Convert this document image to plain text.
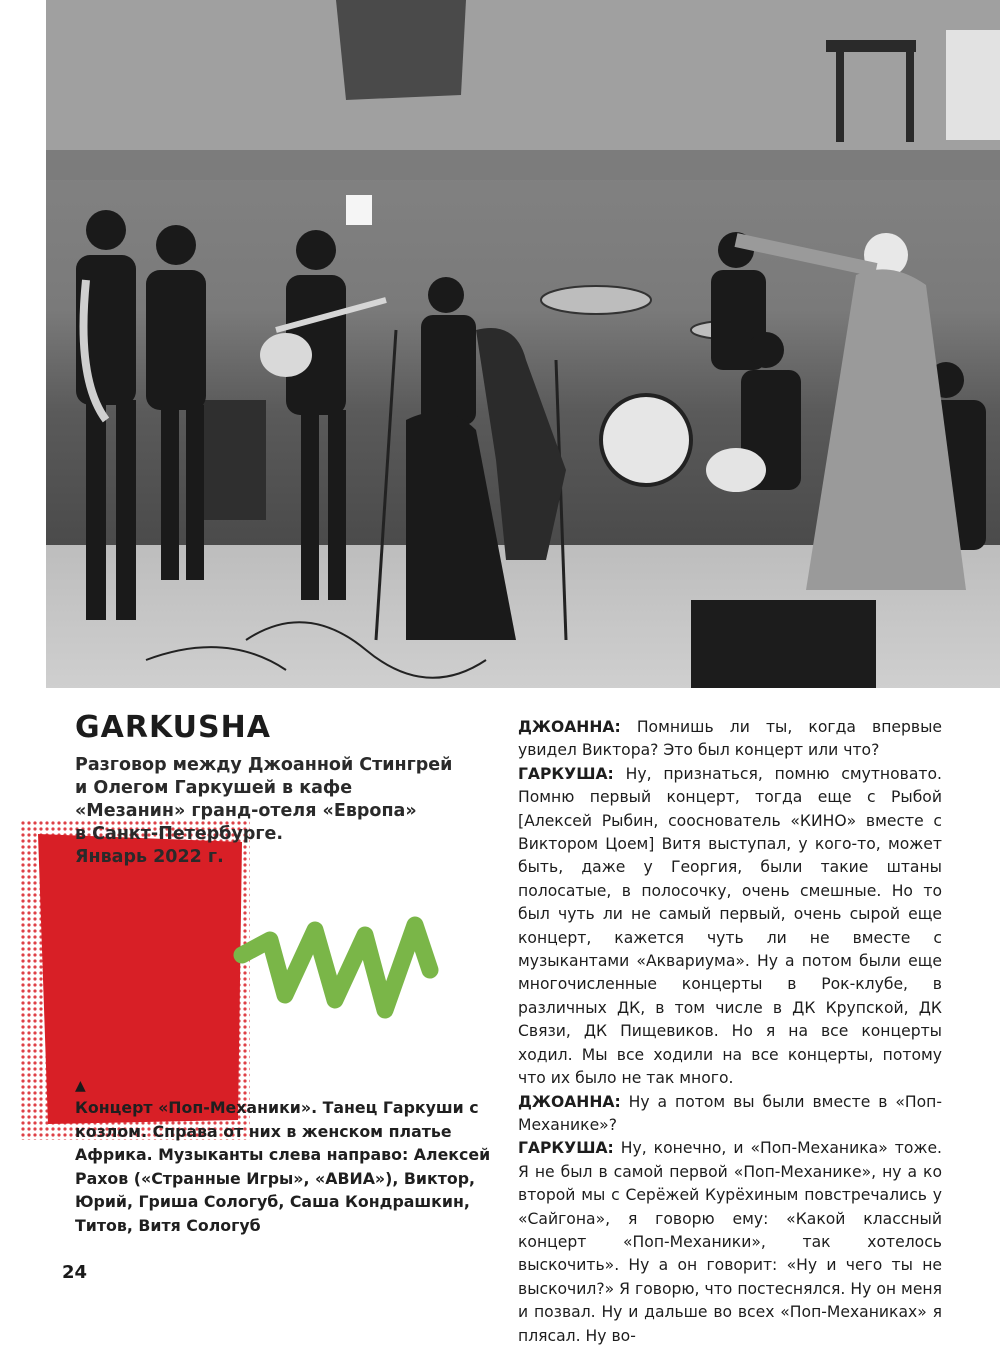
GARKUSHA

Разговор между Джоанной Стингрей
и Олегом Гаркушей в кафе
«Мезанин» гранд-отеля «Европа»
в Санкт-Петербурге.
Январь 2022 г.

▲

Концерт «Поп-Механики». Танец Гаркуши с козлом. Справа от них в женском платье Африка. Музыканты слева направо: Алексей Рахов («Странные Игры», «АВИА»), Виктор, Юрий, Гриша Сологуб, Саша Кондрашкин, Титов, Витя Сологуб

ДЖОАННА: Помнишь ли ты, когда впервые увидел Виктора? Это был концерт или что?

ГАРКУША: Ну, признаться, помню смутновато. Помню первый концерт, тогда еще с Рыбой [Алексей Рыбин, сооснователь «КИНО» вместе с Виктором Цоем] Витя выступал, у кого-то, может быть, даже у Георгия, были такие штаны полосатые, в полосочку, очень смешные. Но то был чуть ли не самый первый, очень сырой еще концерт, кажется чуть ли не вместе с музыкантами «Аквариума». Ну а потом были еще многочисленные концерты в Рок-клубе, в различных ДК, в том числе в ДК Крупской, ДК Связи, ДК Пищевиков. Но я на все концерты ходил. Мы все ходили на все концерты, потому что их было не так много.

ДЖОАННА: Ну а потом вы были вместе в «Поп-Механике»?

ГАРКУША: Ну, конечно, и «Поп-Механика» тоже. Я не был в самой первой «Поп-Механике», ну а ко второй мы с Серёжей Курёхиным повстречались у «Сайгона», я говорю ему: «Какой классный концерт «Поп-Механики», так хотелось выскочить». Ну а он говорит: «Ну и чего ты не выскочил?» Я говорю, что постеснялся. Ну он меня и позвал. Ну и дальше во всех «Поп-Механиках» я плясал. Ну во-

24
